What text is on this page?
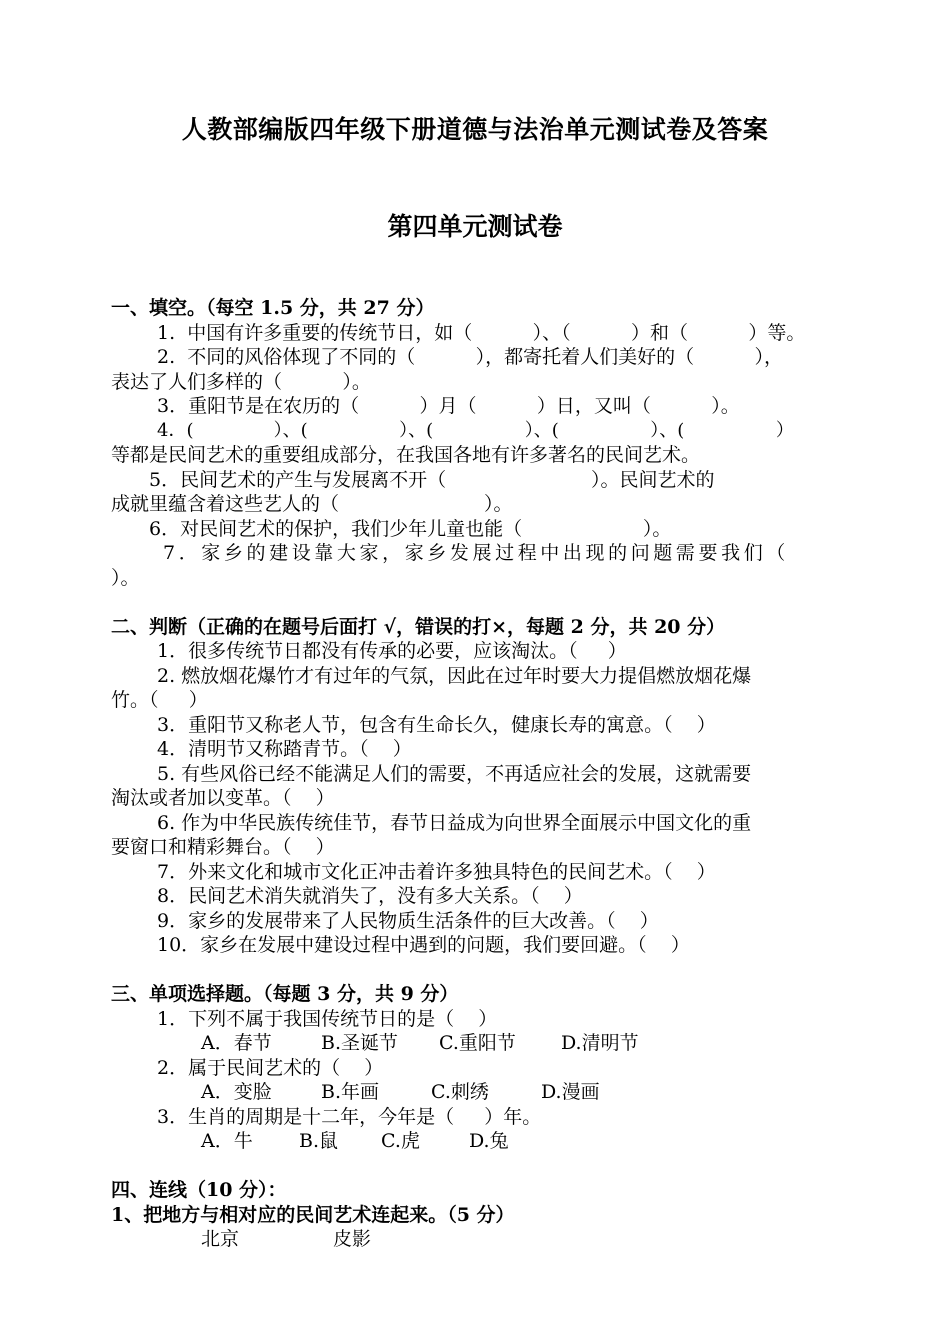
人教部编版四年级下册道德与法治单元测试卷及答案
第四单元测试卷

一、填空。（每空 1.5 分，共 27 分）

1.  中国有许多重要的传统节日，如（          ）、（          ）和（          ）等。

2.  不同的风俗体现了不同的（          ），都寄托着人们美好的（          ），

表达了人们多样的（          ）。

3．重阳节是在农历的（          ）月（          ）日，又叫（          ）。

4．(              ）、(                ）、(                ）、(                ）、(                ）

等都是民间艺术的重要组成部分，在我国各地有许多著名的民间艺术。

5．民间艺术的产生与发展离不开（                        ）。民间艺术的

成就里蕴含着这些艺人的（                        ）。

6．对民间艺术的保护，我们少年儿童也能（                    ）。

7．家乡的建设靠大家，家乡发展过程中出现的问题需要我们（

）。

二、判断（正确的在题号后面打 √，错误的打×，每题 2 分，共 20 分）

1．很多传统节日都没有传承的必要，应该淘汰。（     ）

2. 燃放烟花爆竹才有过年的气氛，因此在过年时要大力提倡燃放烟花爆

竹。（     ）

3．重阳节又称老人节，包含有生命长久，健康长寿的寓意。（    ）

4．清明节又称踏青节。（    ）

5. 有些风俗已经不能满足人们的需要，不再适应社会的发展，这就需要

淘汰或者加以变革。（    ）

6. 作为中华民族传统佳节，春节日益成为向世界全面展示中国文化的重

要窗口和精彩舞台。（    ）

7．外来文化和城市文化正冲击着许多独具特色的民间艺术。（    ）

8．民间艺术消失就消失了，没有多大关系。（    ）

9．家乡的发展带来了人民物质生活条件的巨大改善。（    ）

10．家乡在发展中建设过程中遇到的问题，我们要回避。（    ）

三、单项选择题。（每题 3 分，共 9 分）

1．下列不属于我国传统节日的是（    ）

A．春节	B.圣诞节 C.重阳节 D.清明节

2．属于民间艺术的（    ）

A．变脸	B.年画	C.刺绣	D.漫画

3．生肖的周期是十二年，今年是（     ）年。

A．牛 B.鼠 C.虎	D.兔

四、连线（10 分）：

1、把地方与相对应的民间艺术连起来。（5 分）

北京	皮影
